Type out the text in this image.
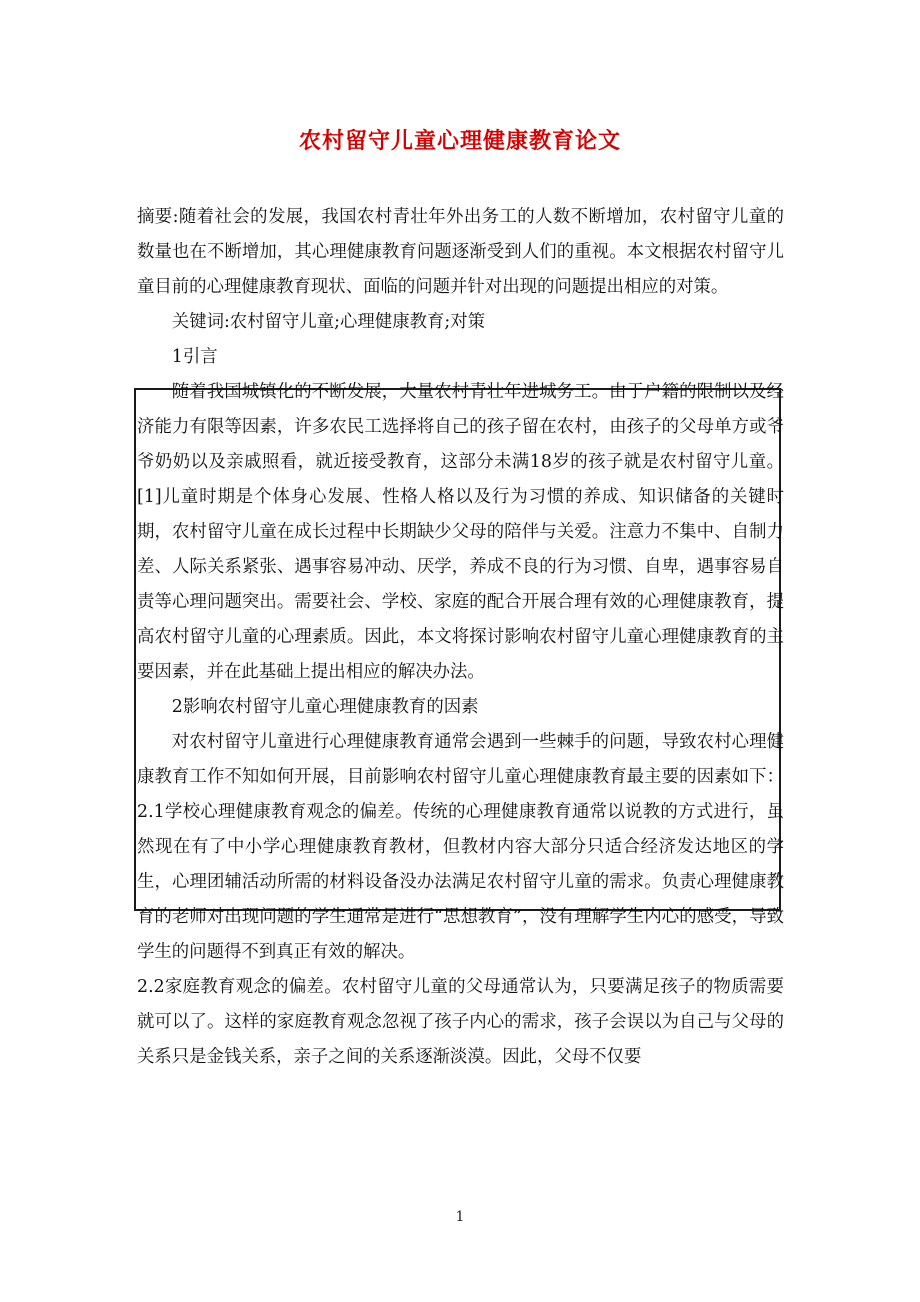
农村留守儿童心理健康教育论文

摘要:随着社会的发展，我国农村青壮年外出务工的人数不断增加，农村留守儿童的数量也在不断增加，其心理健康教育问题逐渐受到人们的重视。本文根据农村留守儿童目前的心理健康教育现状、面临的问题并针对出现的问题提出相应的对策。

关键词:农村留守儿童;心理健康教育;对策

1引言

随着我国城镇化的不断发展，大量农村青壮年进城务工。由于户籍的限制以及经济能力有限等因素，许多农民工选择将自己的孩子留在农村，由孩子的父母单方或爷爷奶奶以及亲戚照看，就近接受教育，这部分未满18岁的孩子就是农村留守儿童。[1]儿童时期是个体身心发展、性格人格以及行为习惯的养成、知识储备的关键时期，农村留守儿童在成长过程中长期缺少父母的陪伴与关爱。注意力不集中、自制力差、人际关系紧张、遇事容易冲动、厌学，养成不良的行为习惯、自卑，遇事容易自责等心理问题突出。需要社会、学校、家庭的配合开展合理有效的心理健康教育，提高农村留守儿童的心理素质。因此，本文将探讨影响农村留守儿童心理健康教育的主要因素，并在此基础上提出相应的解决办法。

2影响农村留守儿童心理健康教育的因素

对农村留守儿童进行心理健康教育通常会遇到一些棘手的问题，导致农村心理健康教育工作不知如何开展，目前影响农村留守儿童心理健康教育最主要的因素如下：2.1学校心理健康教育观念的偏差。传统的心理健康教育通常以说教的方式进行，虽然现在有了中小学心理健康教育教材，但教材内容大部分只适合经济发达地区的学生，心理团辅活动所需的材料设备没办法满足农村留守儿童的需求。负责心理健康教育的老师对出现问题的学生通常是进行“思想教育”，没有理解学生内心的感受，导致学生的问题得不到真正有效的解决。

2.2家庭教育观念的偏差。农村留守儿童的父母通常认为，只要满足孩子的物质需要就可以了。这样的家庭教育观念忽视了孩子内心的需求，孩子会误以为自己与父母的关系只是金钱关系，亲子之间的关系逐渐淡漠。因此，父母不仅要

1
